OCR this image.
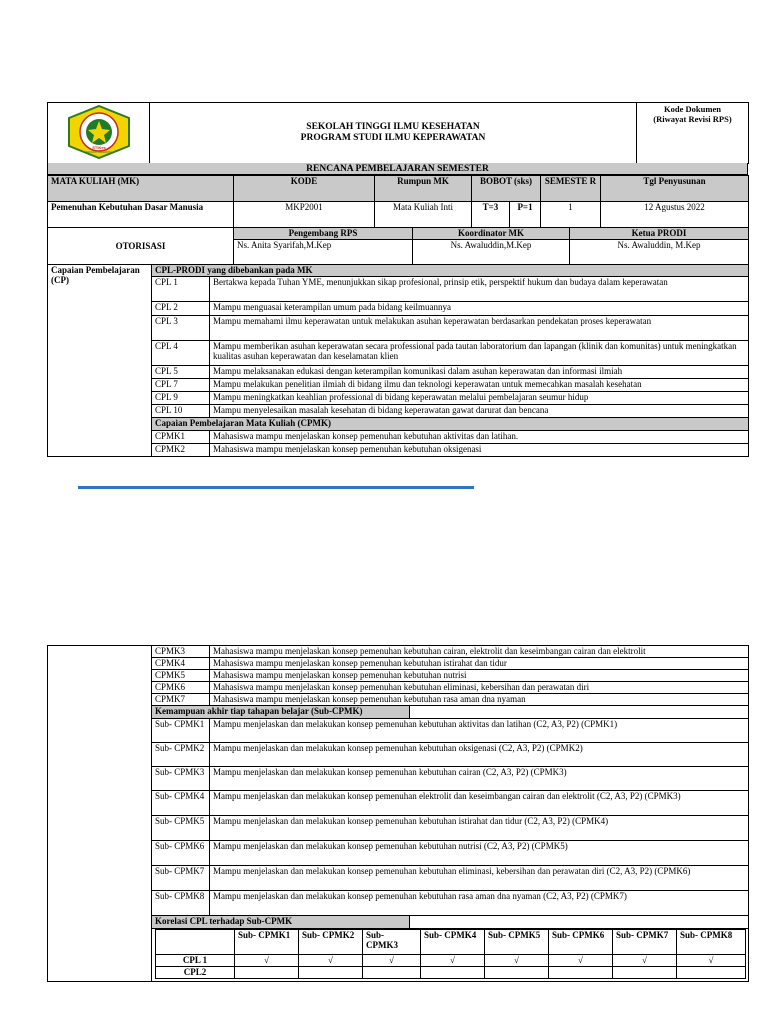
STIKes
TENGKU MAHARATU

SEKOLAH TINGGI ILMU KESEHATAN
PROGRAM STUDI ILMU KEPERAWATAN

Kode Dokumen
(Riwayat Revisi RPS)
RENCANA PEMBELAJARAN SEMESTER
MATA KULIAH (MK)	KODE	Rumpun MK	BOBOT (sks)		SEMESTE R	Tgl Penyusunan
Pemenuhan Kebutuhan Dasar Manusia	MKP2001	Mata Kuliah Inti	T=3	P=1	1	12 Agustus 2022
OTORISASI	Pengembang RPS	Koordinator MK	Ketua PRODI
	Ns. Anita Syarifah,M.Kep	Ns. Awaluddin,M.Kep	Ns. Awaluddin, M.Kep
Capaian Pembelajaran (CP)	CPL-PRODI yang dibebankan pada MK	
	CPL 1	Bertakwa kepada Tuhan YME, menunjukkan sikap profesional, prinsip etik, perspektif hukum dan budaya dalam keperawatan
	CPL 2	Mampu menguasai keterampilan umum pada bidang keilmuannya
	CPL 3	Mampu memahami ilmu keperawatan untuk melakukan asuhan keperawatan berdasarkan pendekatan proses keperawatan
	CPL 4	Mampu memberikan asuhan keperawatan secara professional pada tautan laboratorium dan lapangan (klinik dan komunitas) untuk meningkatkan kualitas asuhan keperawatan dan keselamatan klien
	CPL 5	Mampu melaksanakan edukasi dengan keterampilan komunikasi dalam asuhan keperawatan dan informasi ilmiah
	CPL 7	Mampu melakukan penelitian ilmiah di bidang ilmu dan teknologi keperawatan untuk memecahkan masalah kesehatan
	CPL 9	Mampu meningkatkan keahlian professional di bidang keperawatan melalui pembelajaran seumur hidup
	CPL 10	Mampu menyelesaikan masalah kesehatan di bidang keperawatan gawat darurat dan bencana
	Capaian Pembelajaran Mata Kuliah (CPMK)	
	CPMK1	Mahasiswa mampu menjelaskan konsep pemenuhan kebutuhan aktivitas dan latihan.
	CPMK2	Mahasiswa mampu menjelaskan konsep pemenuhan kebutuhan oksigenasi
	CPMK3	Mahasiswa mampu menjelaskan konsep pemenuhan kebutuhan cairan, elektrolit dan keseimbangan cairan dan elektrolit
CPMK4	Mahasiswa mampu menjelaskan konsep pemenuhan kebutuhan istirahat dan tidur
CPMK5	Mahasiswa mampu menjelaskan konsep pemenuhan kebutuhan nutrisi
CPMK6	Mahasiswa mampu menjelaskan konsep pemenuhan kebutuhan eliminasi, kebersihan dan perawatan diri
CPMK7	Mahasiswa mampu menjelaskan konsep pemenuhan kebutuhan rasa aman dna nyaman

Kemampuan akhir tiap tahapan belajar (Sub-CPMK)

Sub- CPMK1	Mampu menjelaskan dan melakukan konsep pemenuhan kebutuhan aktivitas dan latihan (C2, A3, P2) (CPMK1)
Sub- CPMK2	Mampu menjelaskan dan melakukan konsep pemenuhan kebutuhan oksigenasi (C2, A3, P2) (CPMK2)
Sub- CPMK3	Mampu menjelaskan dan melakukan konsep pemenuhan kebutuhan cairan (C2, A3, P2) (CPMK3)
Sub- CPMK4	Mampu menjelaskan dan melakukan konsep pemenuhan elektrolit dan keseimbangan cairan dan elektrolit (C2, A3, P2) (CPMK3)
Sub- CPMK5	Mampu menjelaskan dan melakukan konsep pemenuhan kebutuhan istirahat dan tidur (C2, A3, P2) (CPMK4)
Sub- CPMK6	Mampu menjelaskan dan melakukan konsep pemenuhan kebutuhan nutrisi (C2, A3, P2) (CPMK5)
Sub- CPMK7	Mampu menjelaskan dan melakukan konsep pemenuhan kebutuhan eliminasi, kebersihan dan perawatan diri (C2, A3, P2) (CPMK6)
Sub- CPMK8	Mampu menjelaskan dan melakukan konsep pemenuhan kebutuhan rasa aman dna nyaman (C2, A3, P2) (CPMK7)

Korelasi CPL terhadap Sub-CPMK

	Sub- CPMK1	Sub- CPMK2	Sub- CPMK3	Sub- CPMK4	Sub- CPMK5	Sub- CPMK6	Sub- CPMK7	Sub- CPMK8
CPL 1	√	√	√	√	√	√	√	√
CPL2								
